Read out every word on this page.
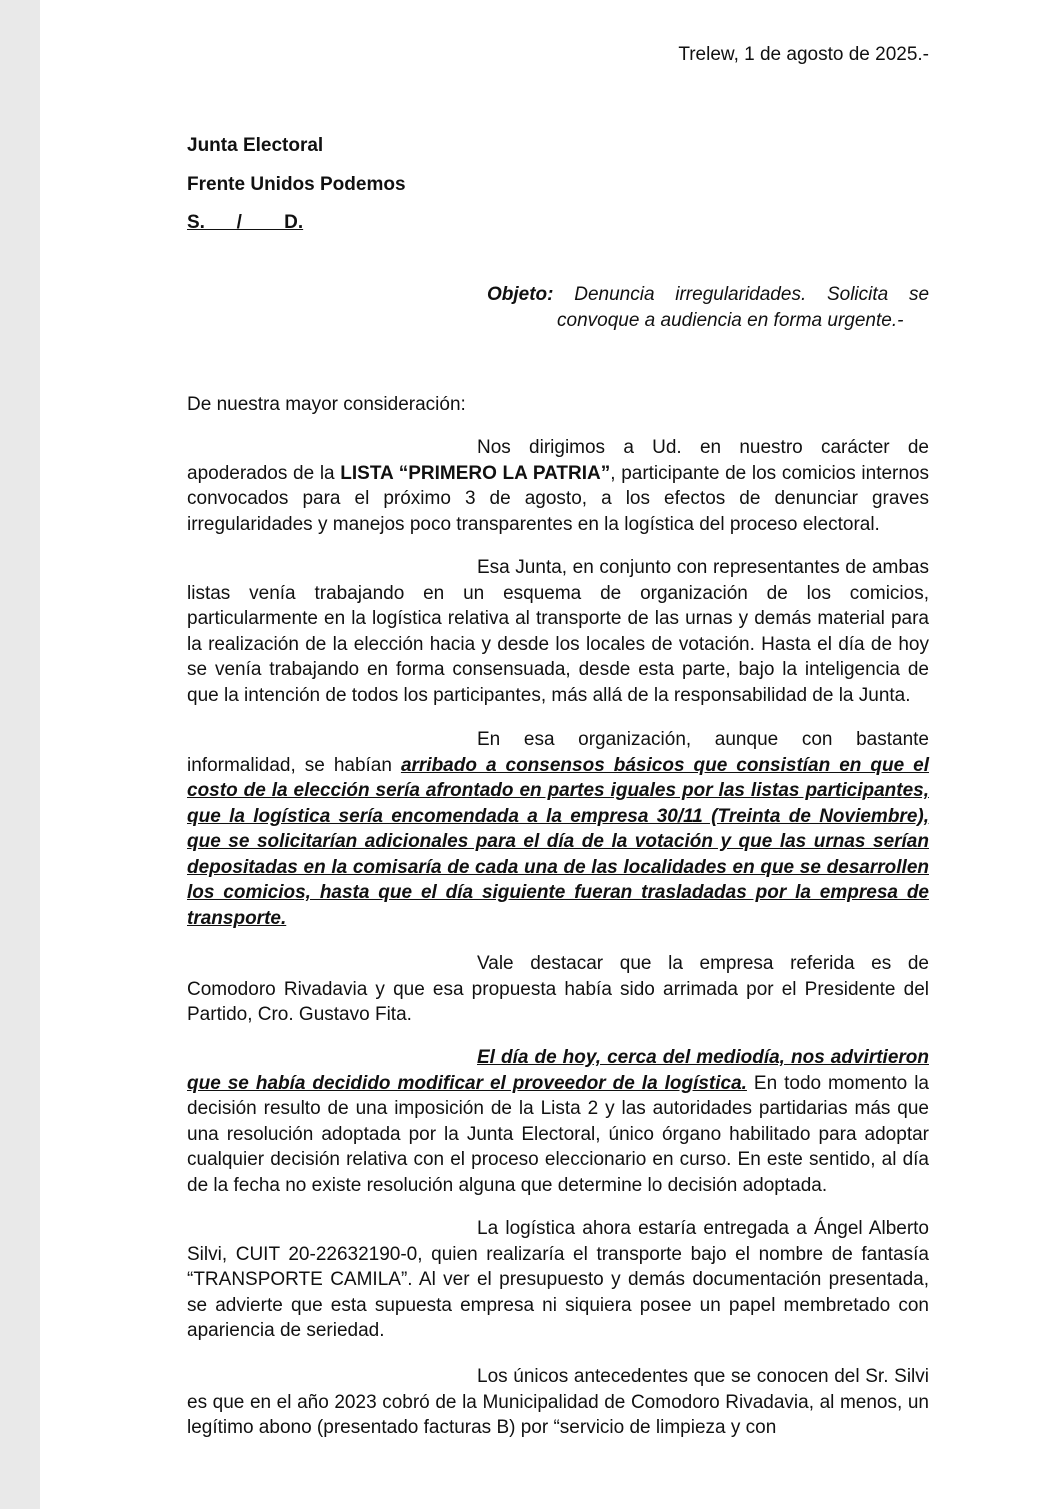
Trelew, 1 de agosto de 2025.-
Junta Electoral
Frente Unidos Podemos
S.      /        D.
Objeto: Denuncia irregularidades. Solicita se
convoque a audiencia en forma urgente.-
De nuestra mayor consideración:
Nos dirigimos a Ud. en nuestro carácter de apoderados de la LISTA “PRIMERO LA PATRIA”, participante de los comicios internos convocados para el próximo 3 de agosto, a los efectos de denunciar graves irregularidades y manejos poco transparentes en la logística del proceso electoral.
Esa Junta, en conjunto con representantes de ambas listas venía trabajando en un esquema de organización de los comicios, particularmente en la logística relativa al transporte de las urnas y demás material para la realización de la elección hacia y desde los locales de votación. Hasta el día de hoy se venía trabajando en forma consensuada, desde esta parte, bajo la inteligencia de que la intención de todos los participantes, más allá de la responsabilidad de la Junta.
En esa organización, aunque con bastante informalidad, se habían arribado a consensos básicos que consistían en que el costo de la elección sería afrontado en partes iguales por las listas participantes, que la logística sería encomendada a la empresa 30/11 (Treinta de Noviembre), que se solicitarían adicionales para el día de la votación y que las urnas serían depositadas en la comisaría de cada una de las localidades en que se desarrollen los comicios, hasta que el día siguiente fueran trasladadas por la empresa de transporte.
Vale destacar que la empresa referida es de Comodoro Rivadavia y que esa propuesta había sido arrimada por el Presidente del Partido, Cro. Gustavo Fita.
El día de hoy, cerca del mediodía, nos advirtieron que se había decidido modificar el proveedor de la logística. En todo momento la decisión resulto de una imposición de la Lista 2 y las autoridades partidarias más que una resolución adoptada por la Junta Electoral, único órgano habilitado para adoptar cualquier decisión relativa con el proceso eleccionario en curso. En este sentido, al día de la fecha no existe resolución alguna que determine lo decisión adoptada.
La logística ahora estaría entregada a Ángel Alberto Silvi, CUIT 20-22632190-0, quien realizaría el transporte bajo el nombre de fantasía “TRANSPORTE CAMILA”. Al ver el presupuesto y demás documentación presentada, se advierte que esta supuesta empresa ni siquiera posee un papel membretado con apariencia de seriedad.
Los únicos antecedentes que se conocen del Sr. Silvi es que en el año 2023 cobró de la Municipalidad de Comodoro Rivadavia, al menos, un legítimo abono (presentado facturas B) por “servicio de limpieza y con
